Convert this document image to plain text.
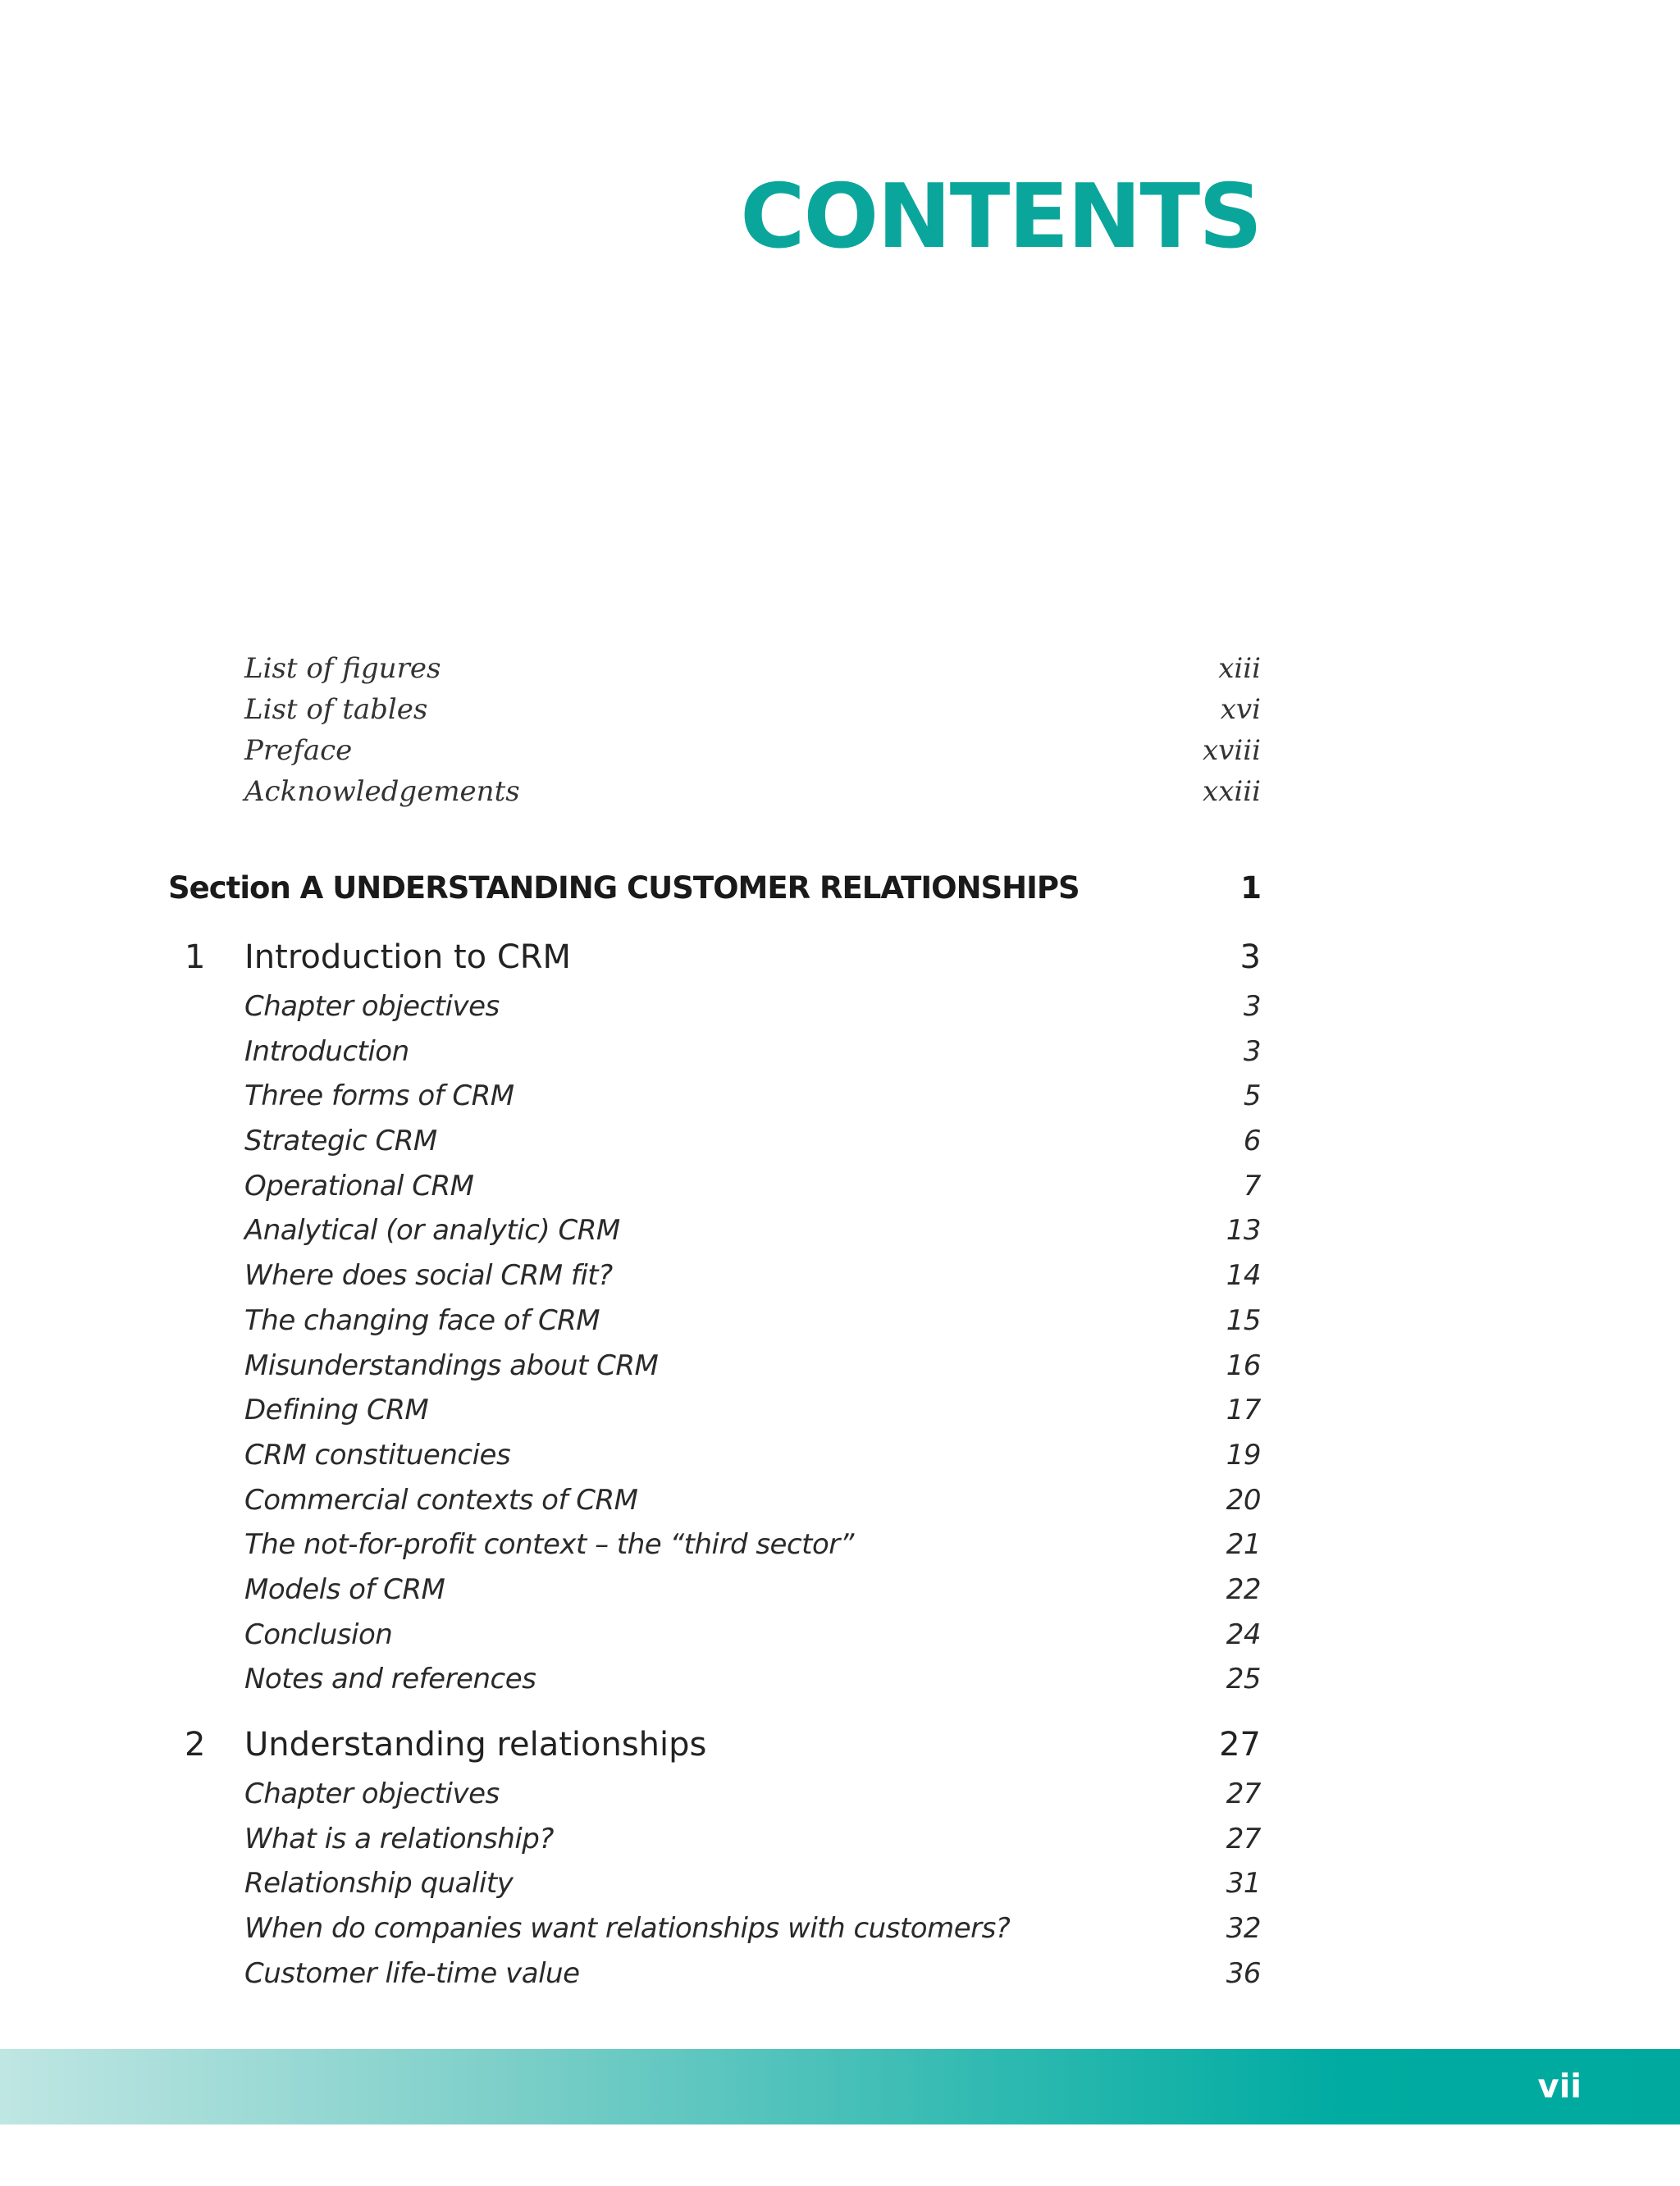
CONTENTS
List of figures	xiii
List of tables	xvi
Preface	xviii
Acknowledgements	xxiii
Section A UNDERSTANDING CUSTOMER RELATIONSHIPS	1
1	Introduction to CRM	3
Chapter objectives	3
Introduction	3
Three forms of CRM	5
Strategic CRM	6
Operational CRM	7
Analytical (or analytic) CRM	13
Where does social CRM fit?	14
The changing face of CRM	15
Misunderstandings about CRM	16
Defining CRM	17
CRM constituencies	19
Commercial contexts of CRM	20
The not-for-profit context – the “third sector”	21
Models of CRM	22
Conclusion	24
Notes and references	25
2	Understanding relationships	27
Chapter objectives	27
What is a relationship?	27
Relationship quality	31
When do companies want relationships with customers?	32
Customer life-time value	36
vii
